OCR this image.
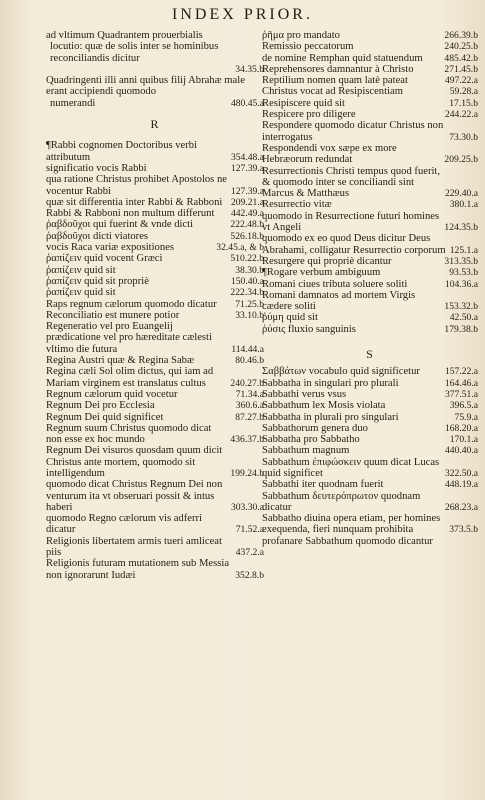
INDEX PRIOR.
ad vltimum Quadrantem prouerbialis
locutio: quæ de solis inter se hominibus reconciliandis dicitur
34.35.b
Quadringenti illi anni quibus filij Abrahæ male erant accipiendi quomodo
numerandi	480.45.a
R
¶Rabbi cognomen Doctoribus verbi attributum	354.48.a
significatio vocis Rabbi	127.39.a
qua ratione Christus prohibet Apostolos ne vocentur Rabbi	127.39.a
quæ sit differentia inter Rabbi & Rabboni 209.21.a
Rabbi & Rabboni non multum differunt	442.49.a
ῥαβδοῦχοι qui fuerint & vnde dicti	222.48.b
ῥαβδοῦχοι dicti viatores	526.18.b
vocis Raca variæ expositiones	32.45.a, & b
ῥαπίζειν quid vocent Græci	510.22.b
ῥαπίζειν quid sit	38.30.b
ῥαπίζειν quid sit propriè	150.40.a
ῥαπίζειν quid sit	222.34.b
Raps regnum cælorum quomodo dicatur	71.25.b
Reconciliatio est munere potior	33.10.b
Regeneratio vel pro Euangelij prædicatione vel pro hæreditate cælesti vltimo die futura	114.44.a
Regina Austri quæ & Regina Sabæ	80.46.b
Regina cæli Sol olim dictus, qui iam ad Mariam virginem est translatus cultus	240.27.b
Regnum cælorum quid vocetur	71.34.a
Regnum Dei pro Ecclesia	360.6.a
Regnum Dei quid significet	87.27.b
Regnum suum Christus quomodo dicat non esse ex hoc mundo	436.37.b
Regnum Dei visuros quosdam quum dicit Christus ante mortem, quomodo sit intelligendum	199.24.b
quomodo dicat Christus Regnum Dei non venturum ita vt obseruari possit & intus haberi	303.30.a
quomodo Regno cælorum vis adferri dicatur	71.52.a
Religionis libertatem armis tueri amliceat piis	437.2.a
Religionis futuram mutationem sub Messia non ignorarunt Iudæi	352.8.b
ῥῆμα pro mandato	266.39.b
Remissio peccatorum	240.25.b
de nomine Remphan quid statuendum	485.42.b
Reprehensores damnantur à Christo	271.45.b
Reptilium nomen quam latè pateat	497.22.a
Christus vocat ad Resipiscentiam	59.28.a
Resipiscere quid sit	17.15.b
Respicere pro diligere	244.22.a
Respondere quomodo dicatur Christus non interrogatus	73.30.b
Respondendi vox sæpe ex more Hebræorum redundat	209.25.b
Resurrectionis Christi tempus quod fuerit, & quomodo inter se conciliandi sint Marcus & Matthæus	229.40.a
Resurrectio vitæ	380.1.a
quomodo in Resurrectione futuri homines vt Angeli	124.35.b
quomodo ex eo quod Deus dicitur Deus Abrahami, colligatur Resurrectio corporum 125.1.a
Resurgere qui propriè dicantur	313.35.b
¶Rogare verbum ambiguum	93.53.b
Romani ciues tributa soluere soliti	104.36.a
Romani damnatos ad mortem Virgis cædere soliti	153.32.b
ῥύμη quid sit	42.50.a
ῥύσις fluxio sanguinis	179.38.b
S
Σαββάτων vocabulo quid significetur	157.22.a
Sabbatha in singulari pro plurali	164.46.a
Sabbathi verus vsus	377.51.a
Sabbathum lex Mosis violata	396.5.a
Sabbatha in plurali pro singulari	75.9.a
Sabbathorum genera duo	168.20.a
Sabbatha pro Sabbatho	170.1.a
Sabbathum magnum	440.40.a
Sabbathum ἐπιφώσκειν quum dicat Lucas quid significet	322.50.a
Sabbathi iter quodnam fuerit	448.19.a
Sabbathum δευτερόπρωτον quodnam dicatur	268.23.a
Sabbatho diuina opera etiam, per homines exequenda, fieri nunquam prohibita	373.5.b
profanare Sabbathum quomodo dicantur
